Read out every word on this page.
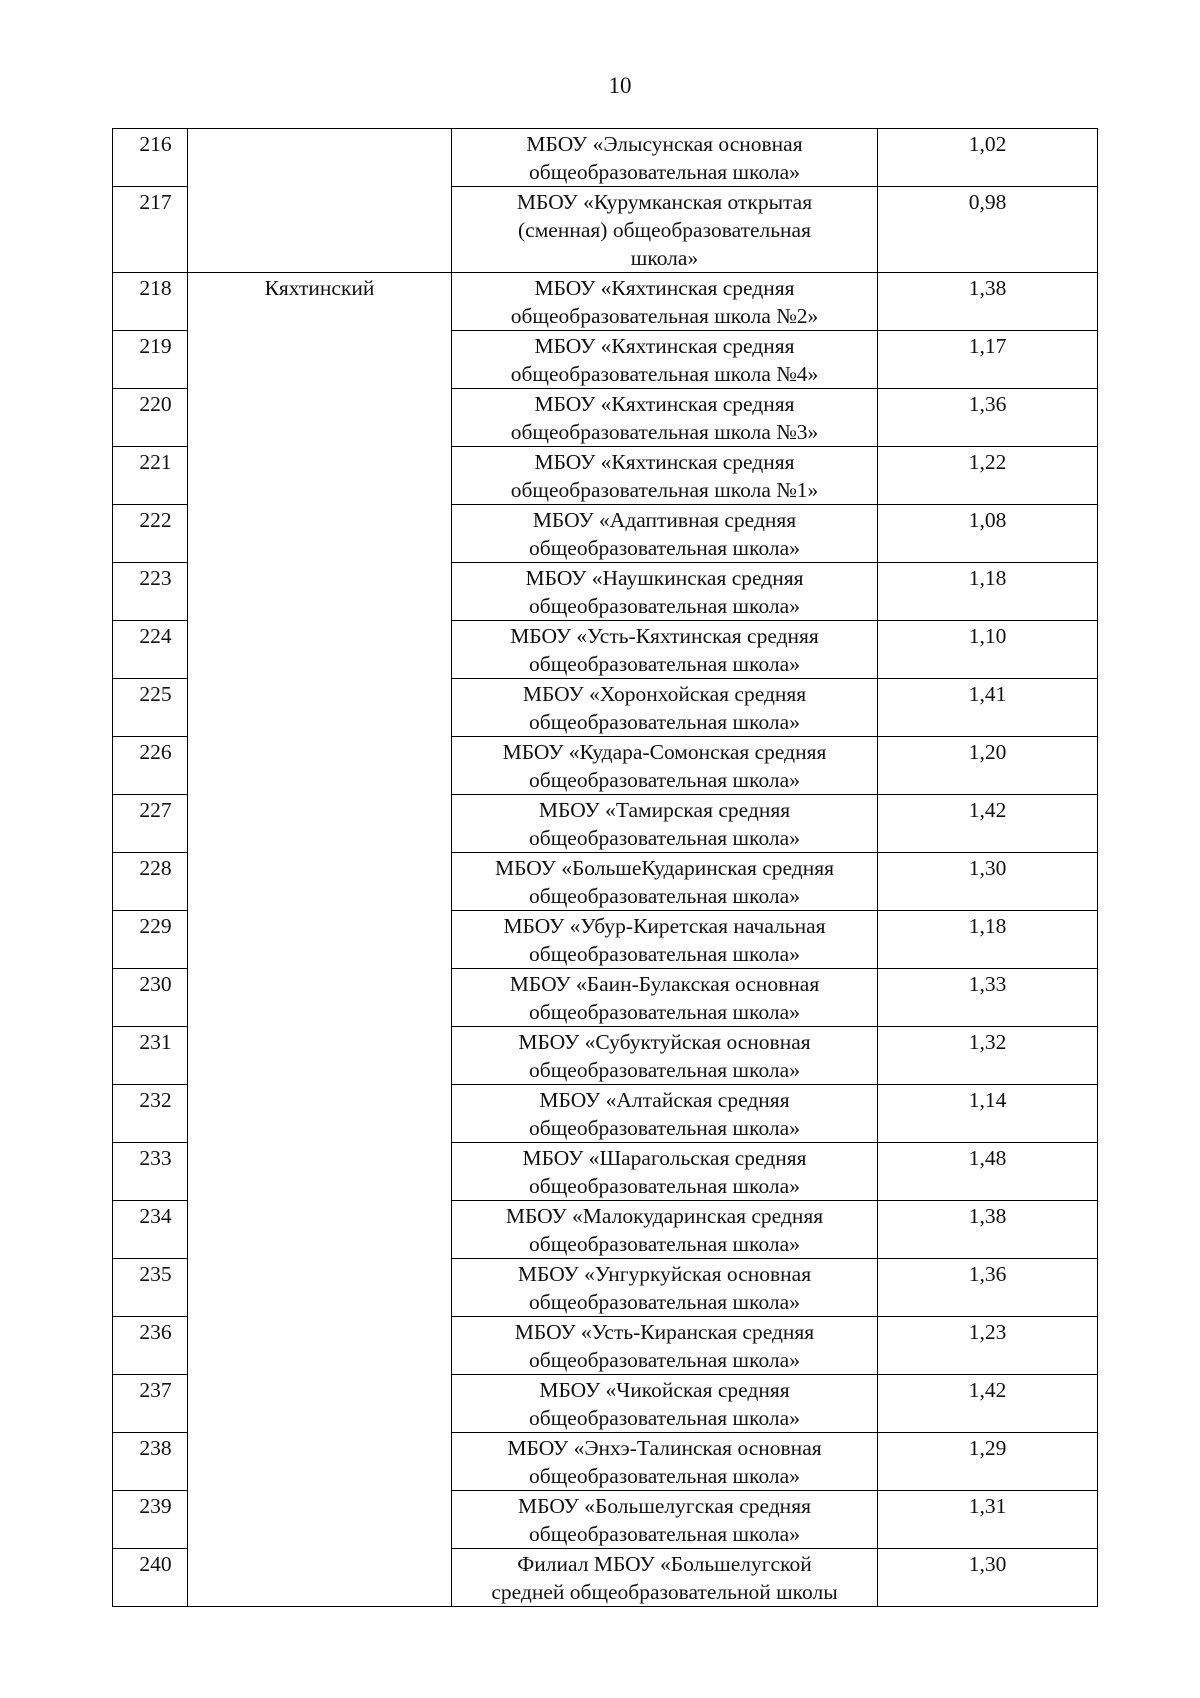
10
216		МБОУ «Элысунская основная
общеобразовательная школа»	1,02

217		МБОУ «Курумканская открытая
(сменная) общеобразовательная
школа»	0,98

218	Кяхтинский	МБОУ «Кяхтинская средняя
общеобразовательная школа №2»	1,38

219		МБОУ «Кяхтинская средняя
общеобразовательная школа №4»	1,17

220		МБОУ «Кяхтинская средняя
общеобразовательная школа №3»	1,36

221		МБОУ «Кяхтинская средняя
общеобразовательная школа №1»	1,22

222		МБОУ «Адаптивная средняя
общеобразовательная школа»	1,08

223		МБОУ «Наушкинская средняя
общеобразовательная школа»	1,18

224		МБОУ «Усть-Кяхтинская средняя
общеобразовательная школа»	1,10

225		МБОУ «Хоронхойская средняя
общеобразовательная школа»	1,41

226		МБОУ «Кудара-Сомонская средняя
общеобразовательная школа»	1,20

227		МБОУ «Тамирская средняя
общеобразовательная школа»	1,42

228		МБОУ «БольшеКударинская средняя
общеобразовательная школа»	1,30

229		МБОУ «Убур-Киретская начальная
общеобразовательная школа»	1,18

230		МБОУ «Баин-Булакская основная
общеобразовательная школа»	1,33

231		МБОУ «Субуктуйская основная
общеобразовательная школа»	1,32

232		МБОУ «Алтайская средняя
общеобразовательная школа»	1,14

233		МБОУ «Шарагольская средняя
общеобразовательная школа»	1,48

234		МБОУ «Малокударинская средняя
общеобразовательная школа»	1,38

235		МБОУ «Унгуркуйская основная
общеобразовательная школа»	1,36

236		МБОУ «Усть-Киранская средняя
общеобразовательная школа»	1,23

237		МБОУ «Чикойская средняя
общеобразовательная школа»	1,42

238		МБОУ «Энхэ-Талинская основная
общеобразовательная школа»	1,29

239		МБОУ «Большелугская средняя
общеобразовательная школа»	1,31

240		Филиал МБОУ «Большелугской
средней общеобразовательной школы	1,30
